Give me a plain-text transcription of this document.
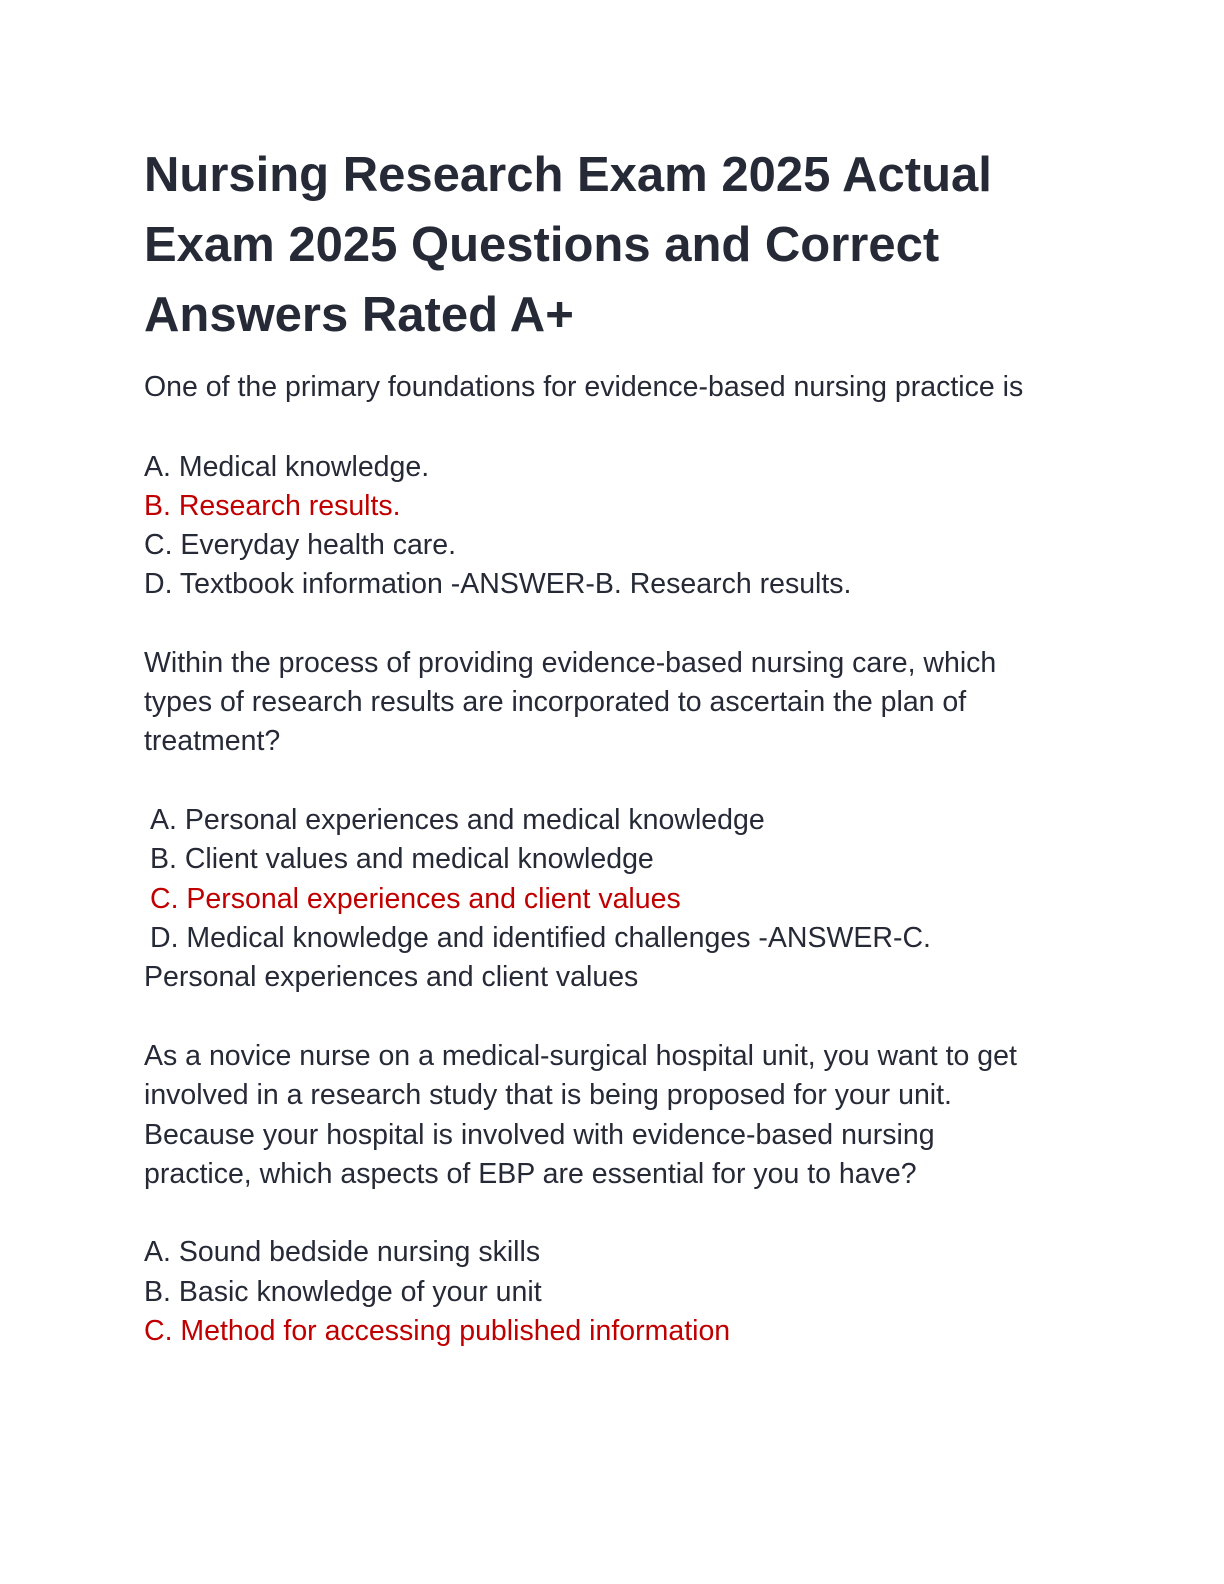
Nursing Research Exam 2025 Actual
Exam 2025 Questions and Correct
Answers Rated A+

One of the primary foundations for evidence-based nursing practice is

A. Medical knowledge.

B. Research results.

C. Everyday health care.

D. Textbook information -ANSWER-B. Research results.

Within the process of providing evidence-based nursing care, which

types of research results are incorporated to ascertain the plan of

treatment?

A. Personal experiences and medical knowledge

B. Client values and medical knowledge

C. Personal experiences and client values

D. Medical knowledge and identified challenges -ANSWER-C.

Personal experiences and client values

As a novice nurse on a medical-surgical hospital unit, you want to get

involved in a research study that is being proposed for your unit.

Because your hospital is involved with evidence-based nursing

practice, which aspects of EBP are essential for you to have?

A. Sound bedside nursing skills

B. Basic knowledge of your unit

C. Method for accessing published information
